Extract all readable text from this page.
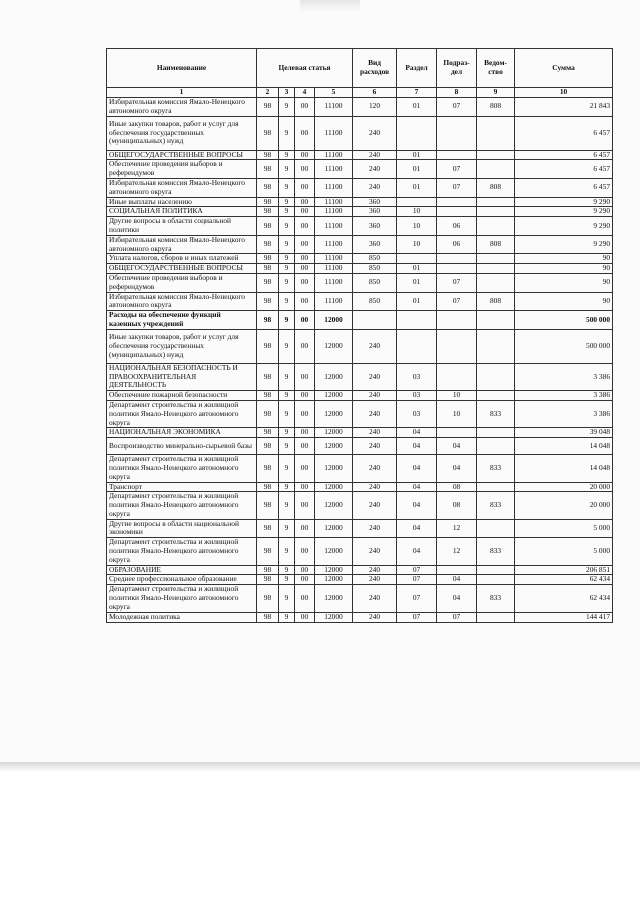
Наименование	Целевая статья				Вид расходов	Раздел	Подраз-дел	Ведом-ство	Сумма
1	2	3	4	5	6	7	8	9	10
Избирательная комиссия Ямало-Ненецкого автономного округа	98	9	00	11100	120	01	07	808	21 843
Иные закупки товаров, работ и услуг для обеспечения государственных (муниципальных) нужд	98	9	00	11100	240				6 457
ОБЩЕГОСУДАРСТВЕННЫЕ ВОПРОСЫ	98	9	00	11100	240	01			6 457
Обеспечение проведения выборов и референдумов	98	9	00	11100	240	01	07		6 457
Избирательная комиссия Ямало-Ненецкого автономного округа	98	9	00	11100	240	01	07	808	6 457
Иные выплаты населению	98	9	00	11100	360				9 290
СОЦИАЛЬНАЯ ПОЛИТИКА	98	9	00	11100	360	10			9 290
Другие вопросы в области социальной политики	98	9	00	11100	360	10	06		9 290
Избирательная комиссия Ямало-Ненецкого автономного округа	98	9	00	11100	360	10	06	808	9 290
Уплата налогов, сборов и иных платежей	98	9	00	11100	850				90
ОБЩЕГОСУДАРСТВЕННЫЕ ВОПРОСЫ	98	9	00	11100	850	01			90
Обеспечение проведения выборов и референдумов	98	9	00	11100	850	01	07		90
Избирательная комиссия Ямало-Ненецкого автономного округа	98	9	00	11100	850	01	07	808	90
Расходы на обеспечение функций казенных учреждений	98	9	00	12000					500 000
Иные закупки товаров, работ и услуг для обеспечения государственных (муниципальных) нужд	98	9	00	12000	240				500 000
НАЦИОНАЛЬНАЯ БЕЗОПАСНОСТЬ И ПРАВООХРАНИТЕЛЬНАЯ ДЕЯТЕЛЬНОСТЬ	98	9	00	12000	240	03			3 386
Обеспечение пожарной безопасности	98	9	00	12000	240	03	10		3 386
Департамент строительства и жилищной политики Ямало-Ненецкого автономного округа	98	9	00	12000	240	03	10	833	3 386
НАЦИОНАЛЬНАЯ ЭКОНОМИКА	98	9	00	12000	240	04			39 048
Воспроизводство минерально-сырьевой базы	98	9	00	12000	240	04	04		14 048
Департамент строительства и жилищной политики Ямало-Ненецкого автономного округа	98	9	00	12000	240	04	04	833	14 048
Транспорт	98	9	00	12000	240	04	08		20 000
Департамент строительства и жилищной политики Ямало-Ненецкого автономного округа	98	9	00	12000	240	04	08	833	20 000
Другие вопросы в области национальной экономики	98	9	00	12000	240	04	12		5 000
Департамент строительства и жилищной политики Ямало-Ненецкого автономного округа	98	9	00	12000	240	04	12	833	5 000
ОБРАЗОВАНИЕ	98	9	00	12000	240	07			206 851
Среднее профессиональное образование	98	9	00	12000	240	07	04		62 434
Департамент строительства и жилищной политики Ямало-Ненецкого автономного округа	98	9	00	12000	240	07	04	833	62 434
Молодежная политика	98	9	00	12000	240	07	07		144 417
